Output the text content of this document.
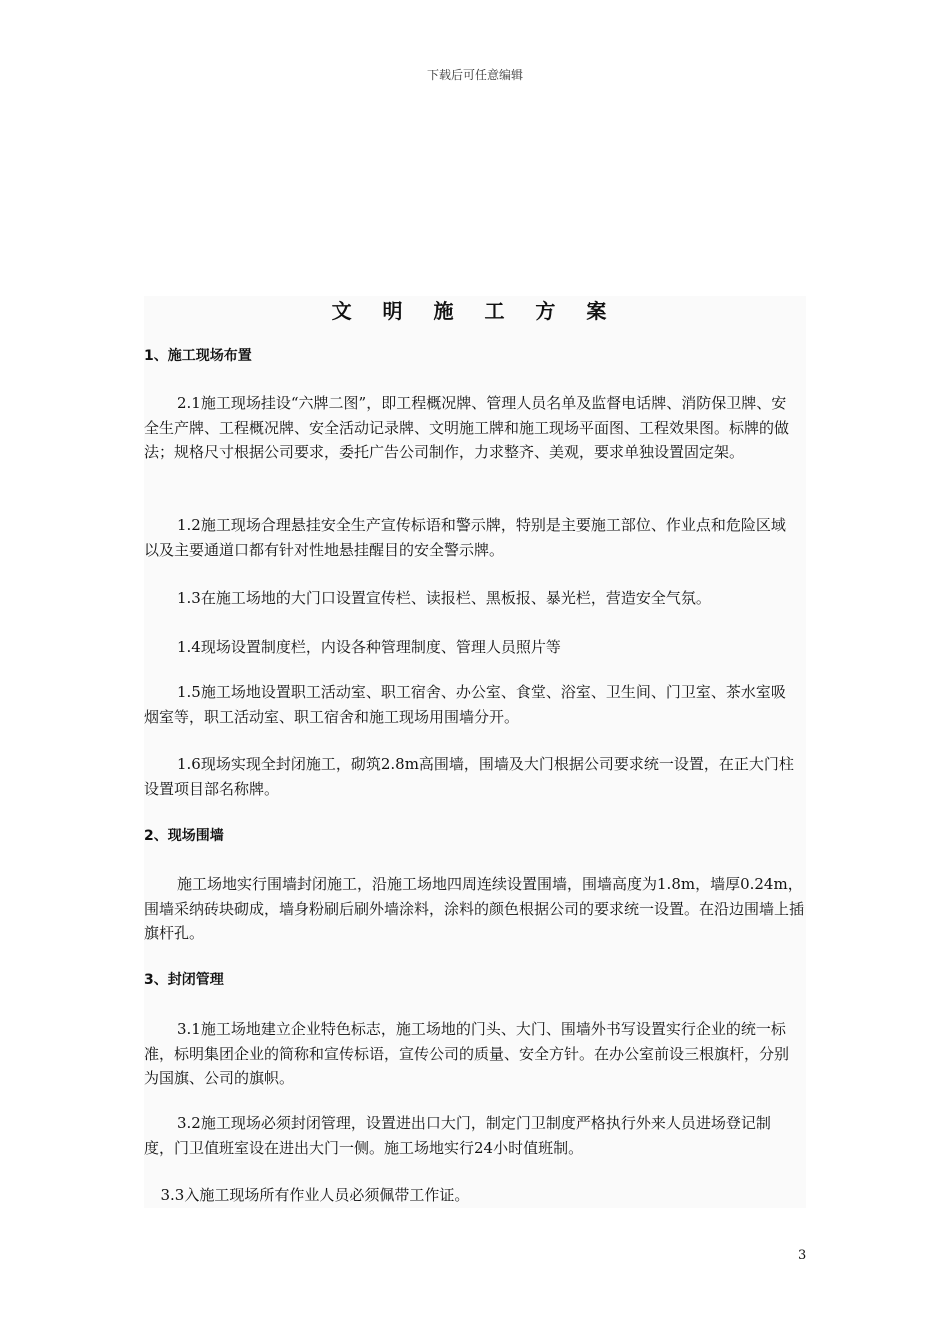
下载后可任意编辑
文 明 施 工 方 案
1、施工现场布置
2.1施工现场挂设“六牌二图”，即工程概况牌、管理人员名单及监督电话牌、消防保卫牌、安全生产牌、工程概况牌、安全活动记录牌、文明施工牌和施工现场平面图、工程效果图。标牌的做法；规格尺寸根据公司要求，委托广告公司制作，力求整齐、美观，要求单独设置固定架。
1.2施工现场合理悬挂安全生产宣传标语和警示牌，特别是主要施工部位、作业点和危险区域以及主要通道口都有针对性地悬挂醒目的安全警示牌。
1.3在施工场地的大门口设置宣传栏、读报栏、黑板报、暴光栏，营造安全气氛。
1.4现场设置制度栏，内设各种管理制度、管理人员照片等
1.5施工场地设置职工活动室、职工宿舍、办公室、食堂、浴室、卫生间、门卫室、茶水室吸烟室等，职工活动室、职工宿舍和施工现场用围墙分开。
1.6现场实现全封闭施工，砌筑2.8m高围墙，围墙及大门根据公司要求统一设置，在正大门柱设置项目部名称牌。
2、现场围墙
施工场地实行围墙封闭施工，沿施工场地四周连续设置围墙，围墙高度为1.8m，墙厚0.24m，围墙采纳砖块砌成，墙身粉刷后刷外墙涂料，涂料的颜色根据公司的要求统一设置。在沿边围墙上插旗杆孔。
3、封闭管理
3.1施工场地建立企业特色标志，施工场地的门头、大门、围墙外书写设置实行企业的统一标准，标明集团企业的简称和宣传标语，宣传公司的质量、安全方针。在办公室前设三根旗杆，分别为国旗、公司的旗帜。
3.2施工现场必须封闭管理，设置进出口大门，制定门卫制度严格执行外来人员进场登记制度，门卫值班室设在进出大门一侧。施工场地实行24小时值班制。
3.3入施工现场所有作业人员必须佩带工作证。
3
